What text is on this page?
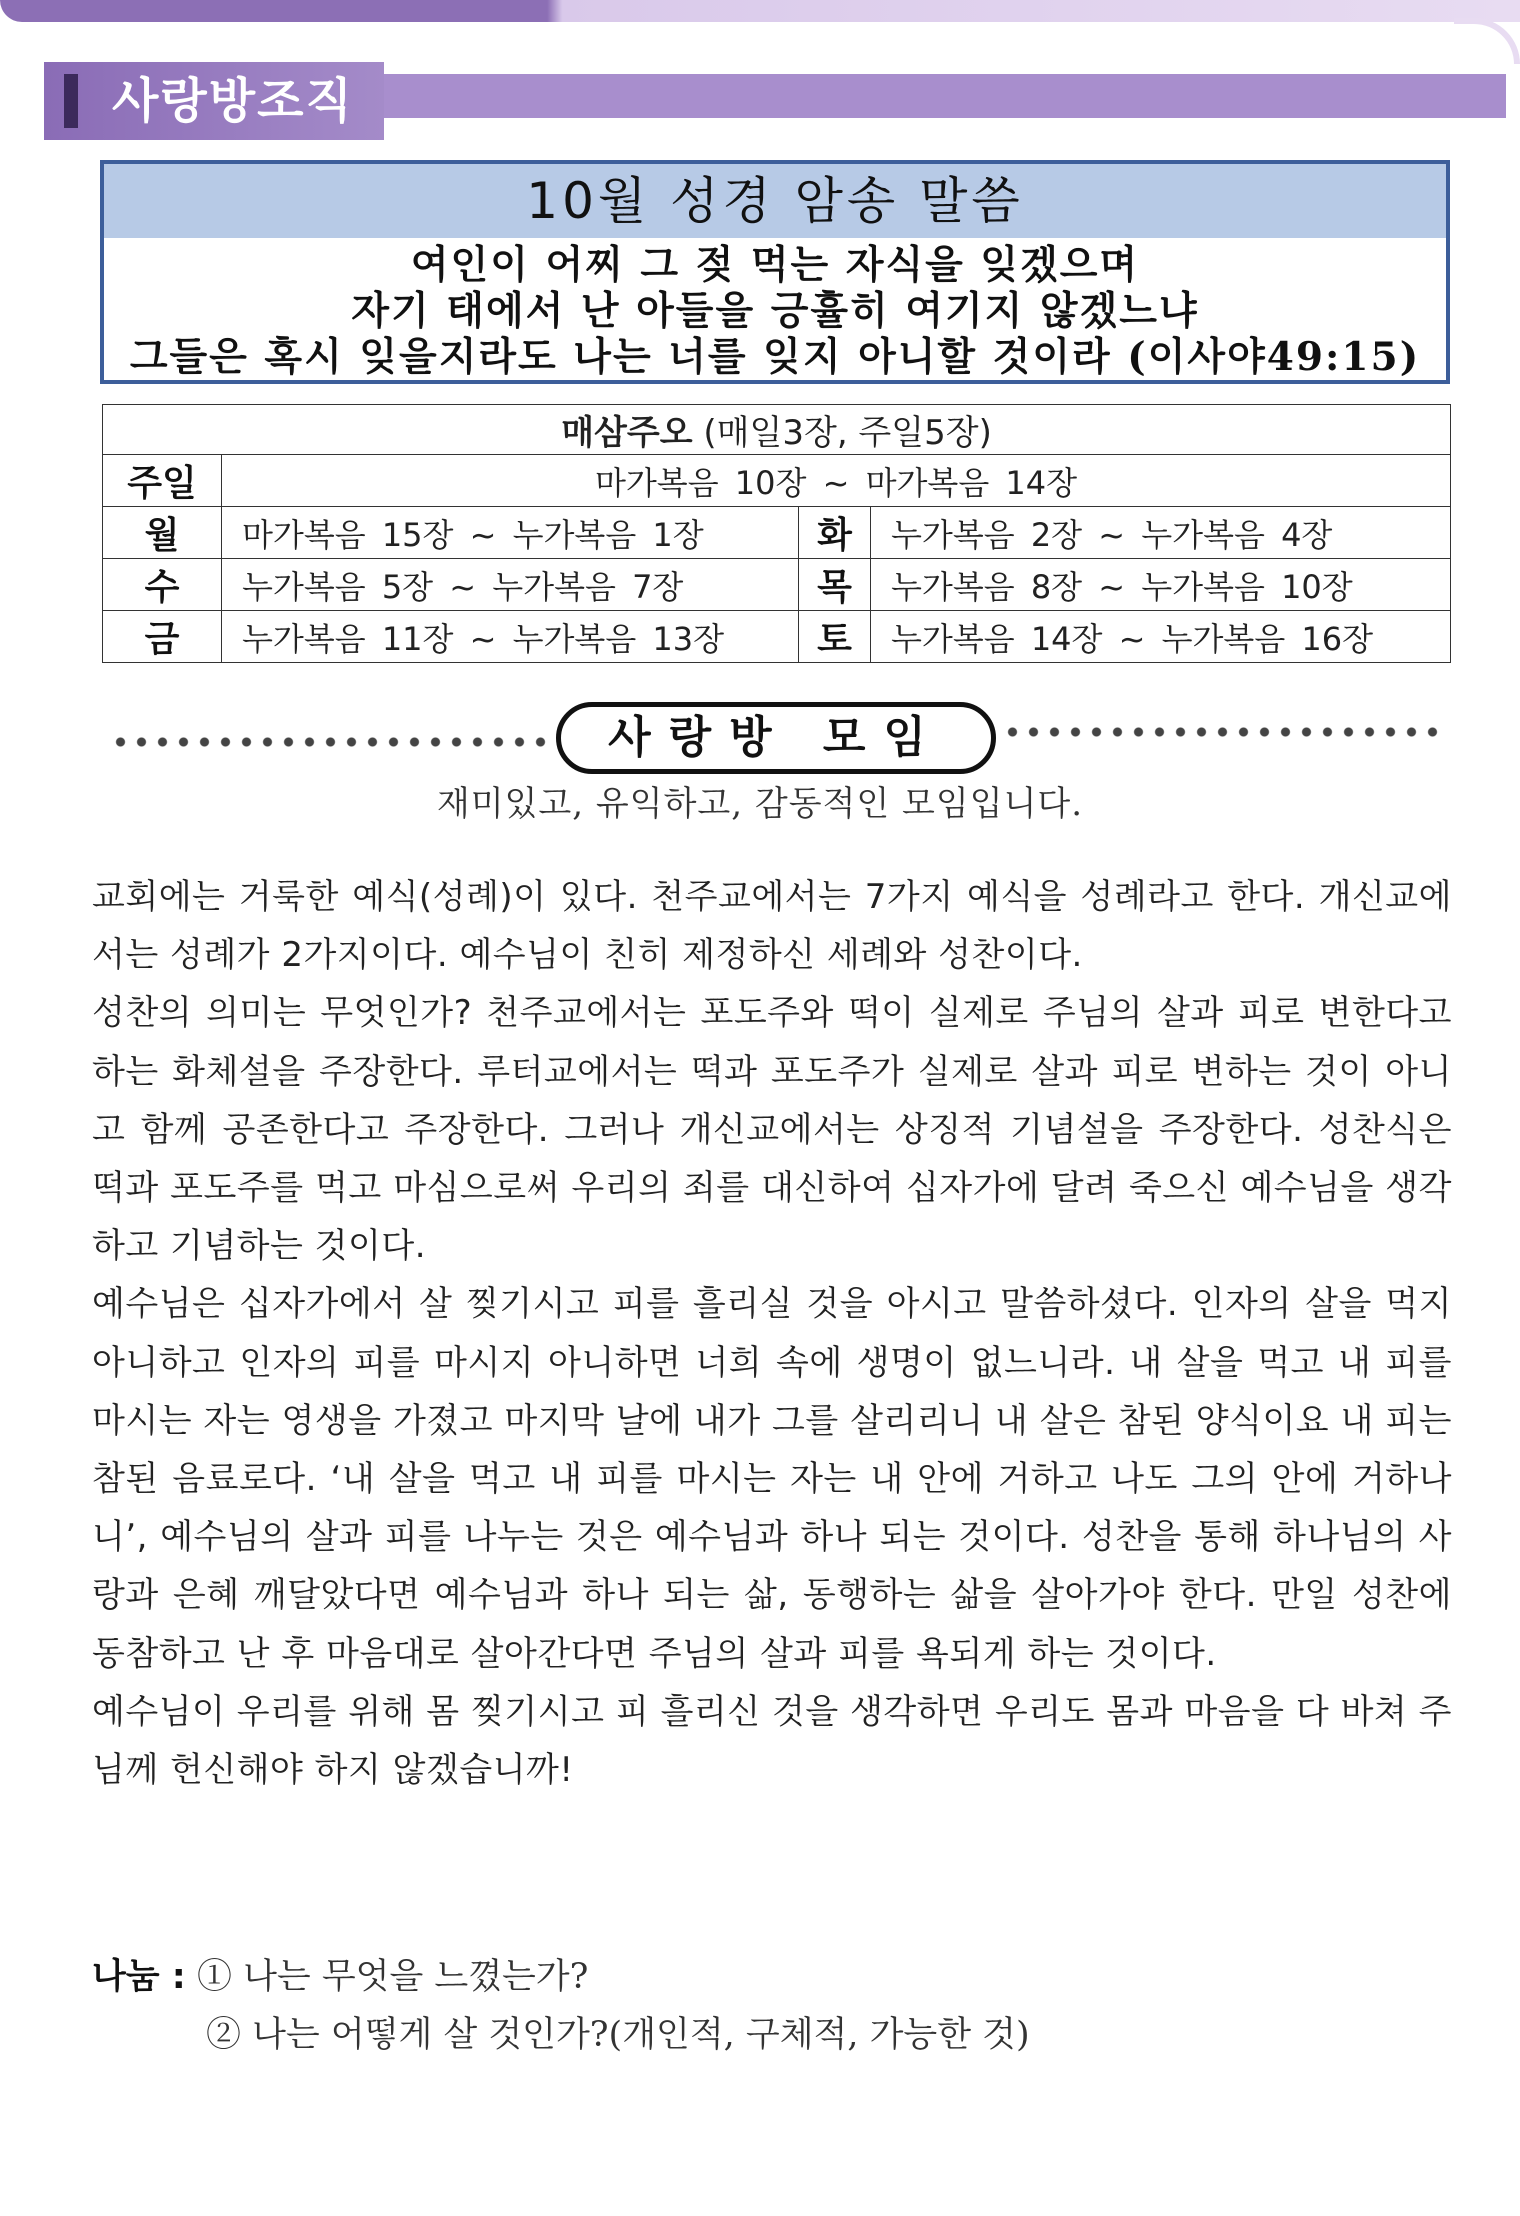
사랑방조직
10월 성경 암송 말씀
여인이 어찌 그 젖 먹는 자식을 잊겠으며
자기 태에서 난 아들을 긍휼히 여기지 않겠느냐
그들은 혹시 잊을지라도 나는 너를 잊지 아니할 것이라 (이사야49:15)
매삼주오 (매일3장, 주일5장)			
주일	마가복음 10장 ~ 마가복음 14장		
월	마가복음 15장 ~ 누가복음 1장	화	누가복음 2장 ~ 누가복음 4장
수	누가복음 5장 ~ 누가복음 7장	목	누가복음 8장 ~ 누가복음 10장
금	누가복음 11장 ~ 누가복음 13장	토	누가복음 14장 ~ 누가복음 16장
사랑방 모임
재미있고, 유익하고, 감동적인 모임입니다.

교회에는 거룩한 예식(성례)이 있다. 천주교에서는 7가지 예식을 성례라고 한다. 개신교에서는 성례가 2가지이다. 예수님이 친히 제정하신 세례와 성찬이다.

성찬의 의미는 무엇인가? 천주교에서는 포도주와 떡이 실제로 주님의 살과 피로 변한다고 하는 화체설을 주장한다. 루터교에서는 떡과 포도주가 실제로 살과 피로 변하는 것이 아니고 함께 공존한다고 주장한다. 그러나 개신교에서는 상징적 기념설을 주장한다. 성찬식은 떡과 포도주를 먹고 마심으로써 우리의 죄를 대신하여 십자가에 달려 죽으신 예수님을 생각하고 기념하는 것이다.

예수님은 십자가에서 살 찢기시고 피를 흘리실 것을 아시고 말씀하셨다. 인자의 살을 먹지 아니하고 인자의 피를 마시지 아니하면 너희 속에 생명이 없느니라. 내 살을 먹고 내 피를 마시는 자는 영생을 가졌고 마지막 날에 내가 그를 살리리니 내 살은 참된 양식이요 내 피는 참된 음료로다. ‘내 살을 먹고 내 피를 마시는 자는 내 안에 거하고 나도 그의 안에 거하나니’, 예수님의 살과 피를 나누는 것은 예수님과 하나 되는 것이다. 성찬을 통해 하나님의 사랑과 은혜 깨달았다면 예수님과 하나 되는 삶, 동행하는 삶을 살아가야 한다. 만일 성찬에 동참하고 난 후 마음대로 살아간다면 주님의 살과 피를 욕되게 하는 것이다.

예수님이 우리를 위해 몸 찢기시고 피 흘리신 것을 생각하면 우리도 몸과 마음을 다 바쳐 주님께 헌신해야 하지 않겠습니까!

나눔 : ① 나는 무엇을 느꼈는가?
② 나는 어떻게 살 것인가?(개인적, 구체적, 가능한 것)
